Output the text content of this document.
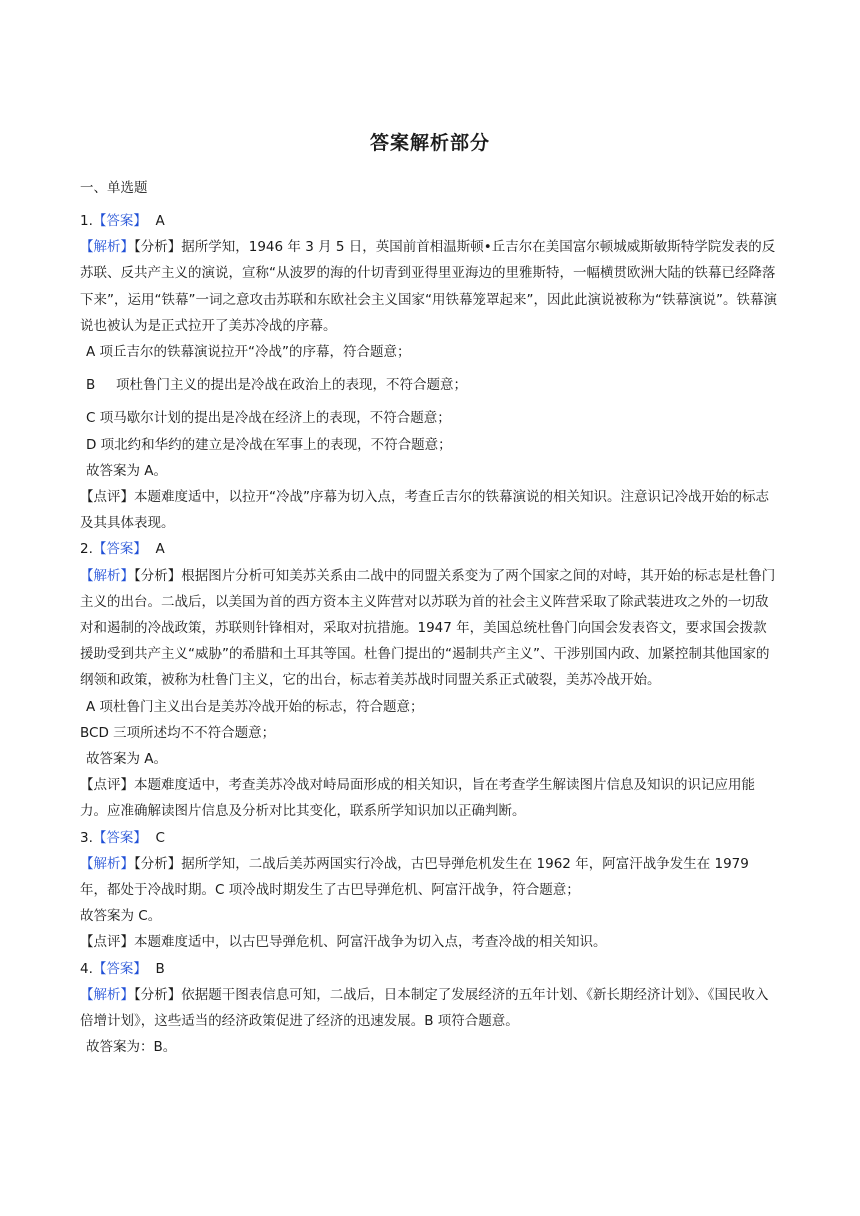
答案解析部分
一、单选题

1.【答案】 A

【解析】【分析】据所学知，1946 年 3 月 5 日，英国前首相温斯顿•丘吉尔在美国富尔顿城威斯敏斯特学院发表的反苏联、反共产主义的演说，宣称“从波罗的海的什切青到亚得里亚海边的里雅斯特，一幅横贯欧洲大陆的铁幕已经降落下来”，运用“铁幕”一词之意攻击苏联和东欧社会主义国家“用铁幕笼罩起来”，因此此演说被称为“铁幕演说”。铁幕演说也被认为是正式拉开了美苏冷战的序幕。

A 项丘吉尔的铁幕演说拉开“冷战”的序幕，符合题意；

B 项杜鲁门主义的提出是冷战在政治上的表现，不符合题意；

C 项马歇尔计划的提出是冷战在经济上的表现，不符合题意；

D 项北约和华约的建立是冷战在军事上的表现，不符合题意；

故答案为 A。

【点评】本题难度适中，以拉开“冷战”序幕为切入点，考查丘吉尔的铁幕演说的相关知识。注意识记冷战开始的标志及其具体表现。

2.【答案】 A

【解析】【分析】根据图片分析可知美苏关系由二战中的同盟关系变为了两个国家之间的对峙，其开始的标志是杜鲁门主义的出台。二战后，以美国为首的西方资本主义阵营对以苏联为首的社会主义阵营采取了除武装进攻之外的一切敌对和遏制的冷战政策，苏联则针锋相对，采取对抗措施。1947 年，美国总统杜鲁门向国会发表咨文，要求国会拨款援助受到共产主义“威胁”的希腊和土耳其等国。杜鲁门提出的“遏制共产主义”、干涉别国内政、加紧控制其他国家的纲领和政策，被称为杜鲁门主义，它的出台，标志着美苏战时同盟关系正式破裂，美苏冷战开始。

A 项杜鲁门主义出台是美苏冷战开始的标志，符合题意；

BCD 三项所述均不不符合题意；

故答案为 A。

【点评】本题难度适中，考查美苏冷战对峙局面形成的相关知识，旨在考查学生解读图片信息及知识的识记应用能力。应准确解读图片信息及分析对比其变化，联系所学知识加以正确判断。

3.【答案】 C

【解析】【分析】据所学知，二战后美苏两国实行冷战，古巴导弹危机发生在 1962 年，阿富汗战争发生在 1979 年，都处于冷战时期。C 项冷战时期发生了古巴导弹危机、阿富汗战争，符合题意；

故答案为 C。

【点评】本题难度适中，以古巴导弹危机、阿富汗战争为切入点，考查冷战的相关知识。

4.【答案】 B

【解析】【分析】依据题干图表信息可知，二战后，日本制定了发展经济的五年计划、《新长期经济计划》、《国民收入倍增计划》，这些适当的经济政策促进了经济的迅速发展。B 项符合题意。

故答案为：B。
